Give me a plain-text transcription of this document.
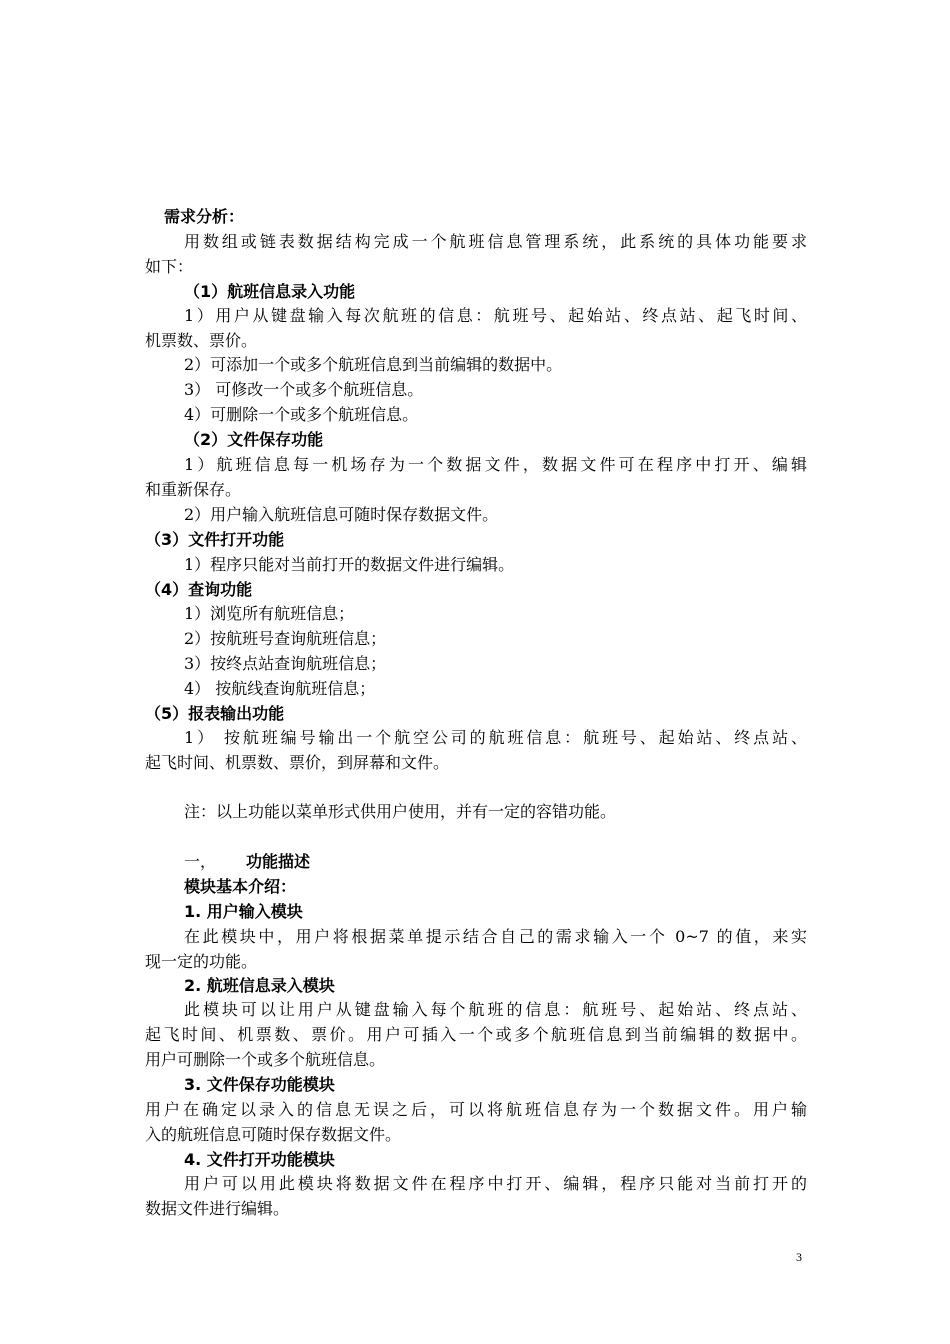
需求分析：
用数组或链表数据结构完成一个航班信息管理系统，此系统的具体功能要求
如下：
（1）航班信息录入功能
1）用户从键盘输入每次航班的信息：航班号、起始站、终点站、起飞时间、
机票数、票价。
2）可添加一个或多个航班信息到当前编辑的数据中。
3） 可修改一个或多个航班信息。
4）可删除一个或多个航班信息。
（2）文件保存功能
1）航班信息每一机场存为一个数据文件，数据文件可在程序中打开、编辑
和重新保存。
2）用户输入航班信息可随时保存数据文件。
（3）文件打开功能
1）程序只能对当前打开的数据文件进行编辑。
（4）查询功能
1）浏览所有航班信息；
2）按航班号查询航班信息；
3）按终点站查询航班信息；
4） 按航线查询航班信息；
（5）报表输出功能
1） 按航班编号输出一个航空公司的航班信息：航班号、起始站、终点站、
起飞时间、机票数、票价，到屏幕和文件。
注：以上功能以菜单形式供用户使用，并有一定的容错功能。
一， 功能描述
模块基本介绍：
1. 用户输入模块
在此模块中，用户将根据菜单提示结合自己的需求输入一个 0~7 的值，来实
现一定的功能。
2. 航班信息录入模块
此模块可以让用户从键盘输入每个航班的信息：航班号、起始站、终点站、
起飞时间、机票数、票价。用户可插入一个或多个航班信息到当前编辑的数据中。
用户可删除一个或多个航班信息。
3. 文件保存功能模块
用户在确定以录入的信息无误之后，可以将航班信息存为一个数据文件。用户输
入的航班信息可随时保存数据文件。
4. 文件打开功能模块
用户可以用此模块将数据文件在程序中打开、编辑，程序只能对当前打开的
数据文件进行编辑。
3
